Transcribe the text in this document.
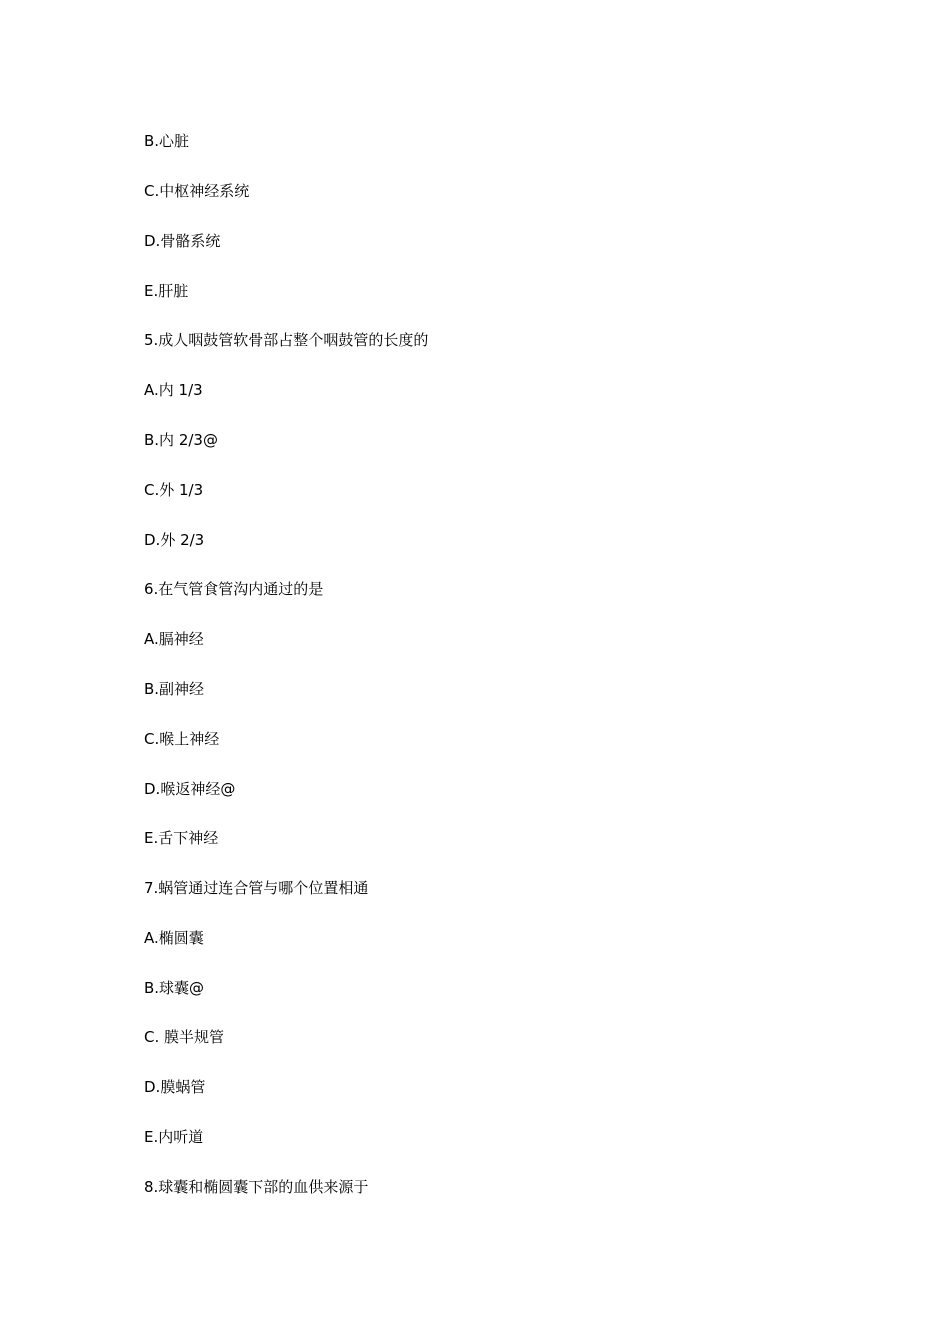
B.心脏
C.中枢神经系统
D.骨骼系统
E.肝脏
5.成人咽鼓管软骨部占整个咽鼓管的长度的
A.内 1/3
B.内 2/3@
C.外 1/3
D.外 2/3
6.在气管食管沟内通过的是
A.膈神经
B.副神经
C.喉上神经
D.喉返神经@
E.舌下神经
7.蜗管通过连合管与哪个位置相通
A.椭圆囊
B.球囊@
C. 膜半规管
D.膜蜗管
E.内听道
8.球囊和椭圆囊下部的血供来源于
